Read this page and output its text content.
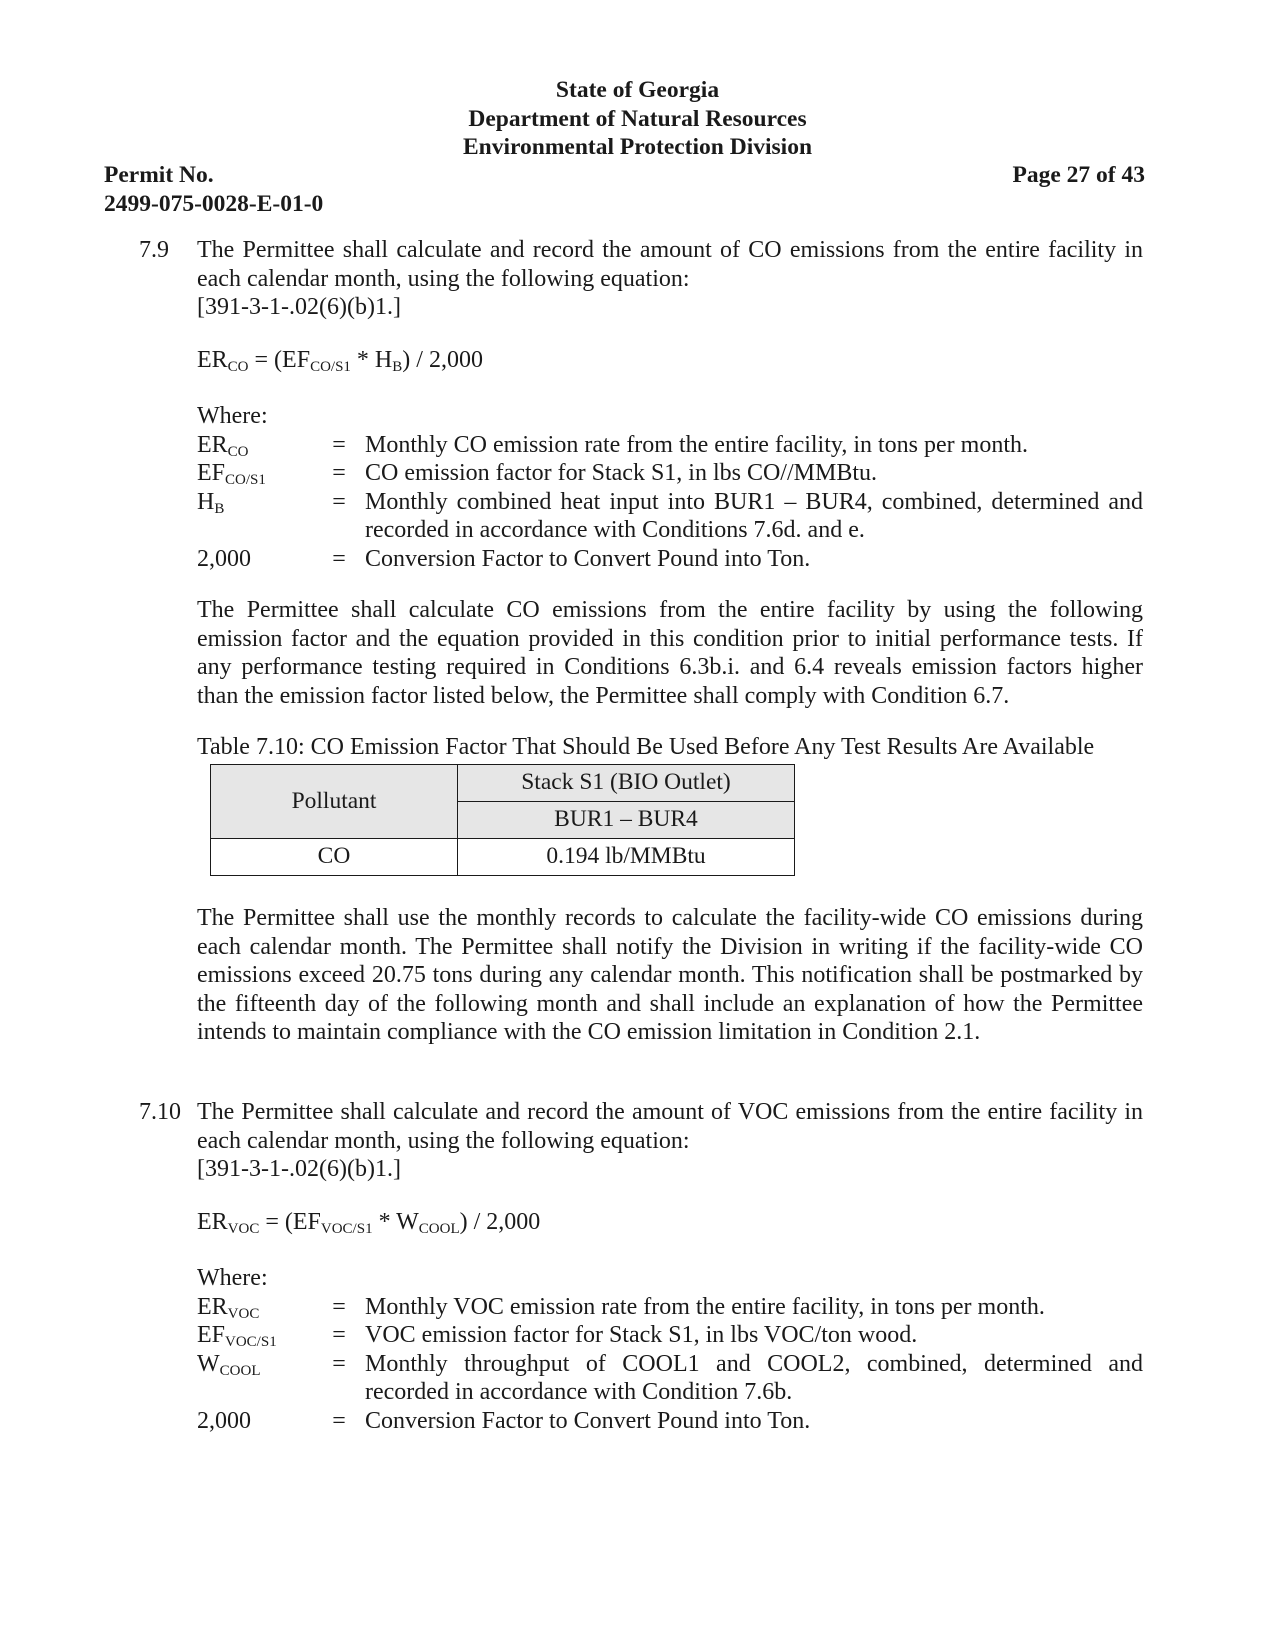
State of Georgia
Department of Natural Resources
Environmental Protection Division
Permit No.
2499-075-0028-E-01-0
Page 27 of 43
7.9 The Permittee shall calculate and record the amount of CO emissions from the entire facility in each calendar month, using the following equation:

[391-3-1-.02(6)(b)1.]

$ER_{CO} = (EF_{CO/S1} * H_B) / 2,000$

Where:

$ER_{CO}$	=	Monthly CO emission rate from the entire facility, in tons per month.
$EF_{CO/S1}$	=	CO emission factor for Stack S1, in lbs CO//MMBtu.
$H_B$	=	Monthly combined heat input into BUR1 – BUR4, combined, determined and recorded in accordance with Conditions 7.6d. and e.
2,000	=	Conversion Factor to Convert Pound into Ton.

The Permittee shall calculate CO emissions from the entire facility by using the following emission factor and the equation provided in this condition prior to initial performance tests. If any performance testing required in Conditions 6.3b.i. and 6.4 reveals emission factors higher than the emission factor listed below, the Permittee shall comply with Condition 6.7.

Table 7.10: CO Emission Factor That Should Be Used Before Any Test Results Are Available

Pollutant	Stack S1 (BIO Outlet)
	BUR1 – BUR4
CO	0.194 lb/MMBtu

The Permittee shall use the monthly records to calculate the facility-wide CO emissions during each calendar month. The Permittee shall notify the Division in writing if the facility-wide CO emissions exceed 20.75 tons during any calendar month. This notification shall be postmarked by the fifteenth day of the following month and shall include an explanation of how the Permittee intends to maintain compliance with the CO emission limitation in Condition 2.1.

7.10 The Permittee shall calculate and record the amount of VOC emissions from the entire facility in each calendar month, using the following equation:

[391-3-1-.02(6)(b)1.]

$ER_{VOC} = (EF_{VOC/S1} * W_{COOL}) / 2,000$

Where:

$ER_{VOC}$	=	Monthly VOC emission rate from the entire facility, in tons per month.
$EF_{VOC/S1}$	=	VOC emission factor for Stack S1, in lbs VOC/ton wood.
$W_{COOL}$	=	Monthly throughput of COOL1 and COOL2, combined, determined and recorded in accordance with Condition 7.6b.
2,000	=	Conversion Factor to Convert Pound into Ton.
